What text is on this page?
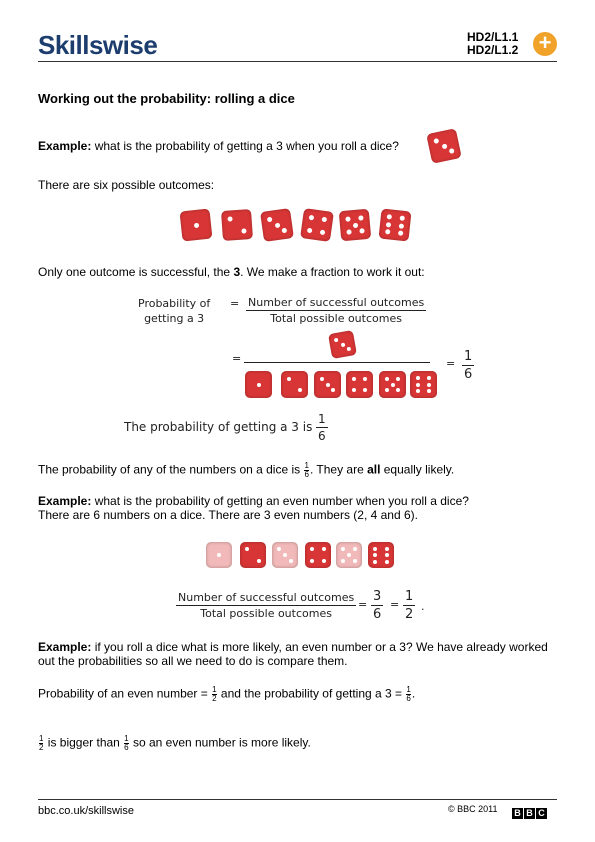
Skillswise	HD2/L1.1
HD2/L1.2 +
Working out the probability: rolling a dice
Example: what is the probability of getting a 3 when you roll a dice?
There are six possible outcomes:
Only one outcome is successful, the 3. We make a fraction to work it out:
Probability of
getting a 3
= Number of successful outcomes
Total possible outcomes
=	= $\frac{1}{6}$
The probability of getting a 3 is $\frac{1}{6}$
The probability of any of the numbers on a dice is $\frac{1}{6}$ . They are all equally likely.
Example: what is the probability of getting an even number when you roll a dice?
There are 6 numbers on a dice. There are 3 even numbers (2, 4 and 6).
Number of successful outcomes
Total possible outcomes
= $\frac{3}{6} = \frac{1}{2}$ .
Example: if you roll a dice what is more likely, an even number or a 3? We have already worked
out the probabilities so all we need to do is compare them.
Probability of an even number = $\frac{1}{2}$ and the probability of getting a $3 = \frac{1}{6}$ .
$\frac{1}{2}$ is bigger than $\frac{1}{6}$ so an even number is more likely.
bbc.co.uk/skillswise	© BBC 2011 B B C
